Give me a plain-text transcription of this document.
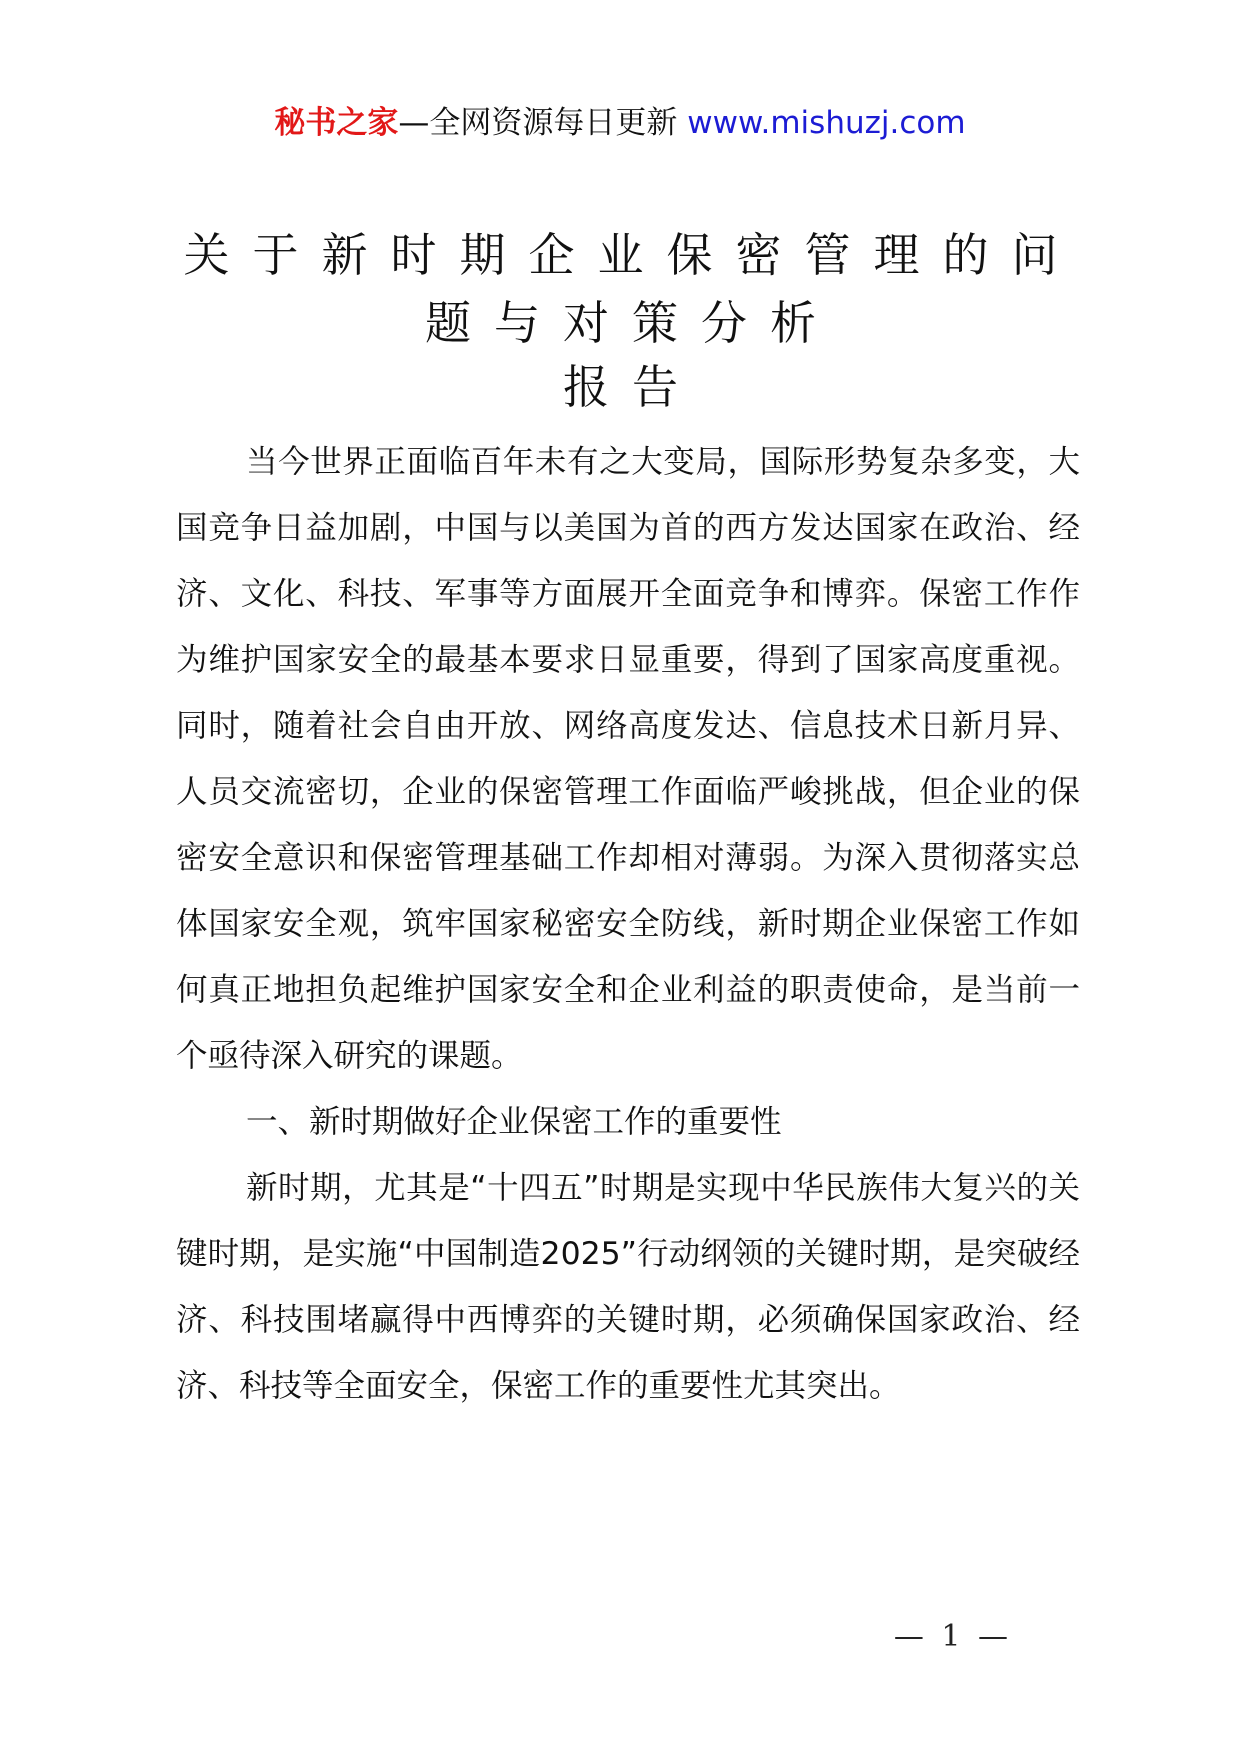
秘书之家—全网资源每日更新 www.mishuzj.com
关于新时期企业保密管理的问
题与对策分析
报告

当今世界正面临百年未有之大变局，国际形势复杂多变，大国竞争日益加剧，中国与以美国为首的西方发达国家在政治、经济、文化、科技、军事等方面展开全面竞争和博弈。保密工作作为维护国家安全的最基本要求日显重要，得到了国家高度重视。同时，随着社会自由开放、网络高度发达、信息技术日新月异、人员交流密切，企业的保密管理工作面临严峻挑战，但企业的保密安全意识和保密管理基础工作却相对薄弱。为深入贯彻落实总体国家安全观，筑牢国家秘密安全防线，新时期企业保密工作如何真正地担负起维护国家安全和企业利益的职责使命，是当前一个亟待深入研究的课题。

一、新时期做好企业保密工作的重要性

新时期，尤其是“十四五”时期是实现中华民族伟大复兴的关键时期，是实施“中国制造2025”行动纲领的关键时期，是突破经济、科技围堵赢得中西博弈的关键时期，必须确保国家政治、经济、科技等全面安全，保密工作的重要性尤其突出。

— 1 —
